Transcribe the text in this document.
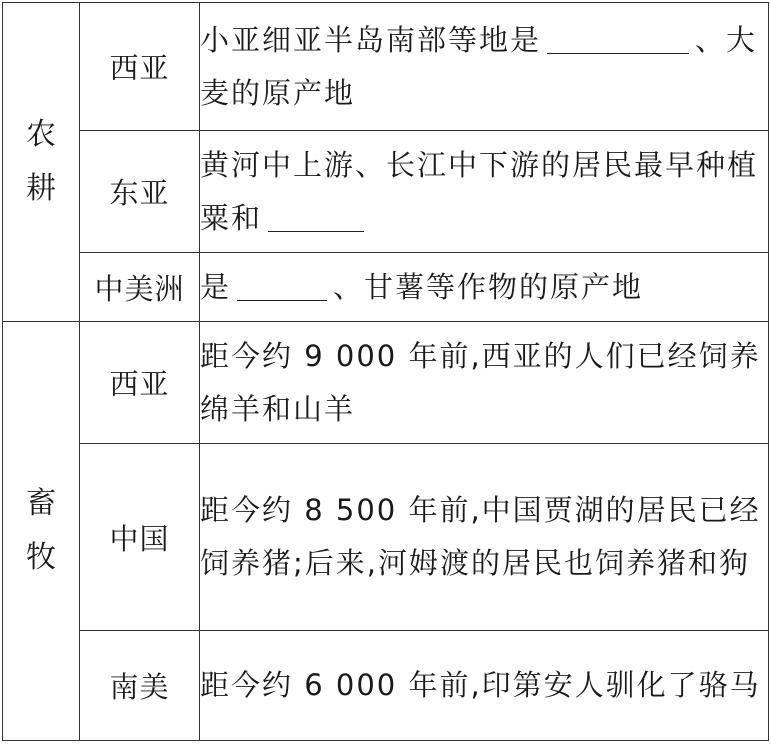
农
耕	西亚	小亚细亚半岛南部等地是 、大麦的原产地
	东亚	黄河中上游、长江中下游的居民最早种植粟和
	中美洲	是 、甘薯等作物的原产地

畜
牧	西亚	距今约 9 000 年前,西亚的人们已经饲养绵羊和山羊
	中国	距今约 8 500 年前,中国贾湖的居民已经饲养猪;后来,河姆渡的居民也饲养猪和狗
	南美	距今约 6 000 年前,印第安人驯化了骆马
